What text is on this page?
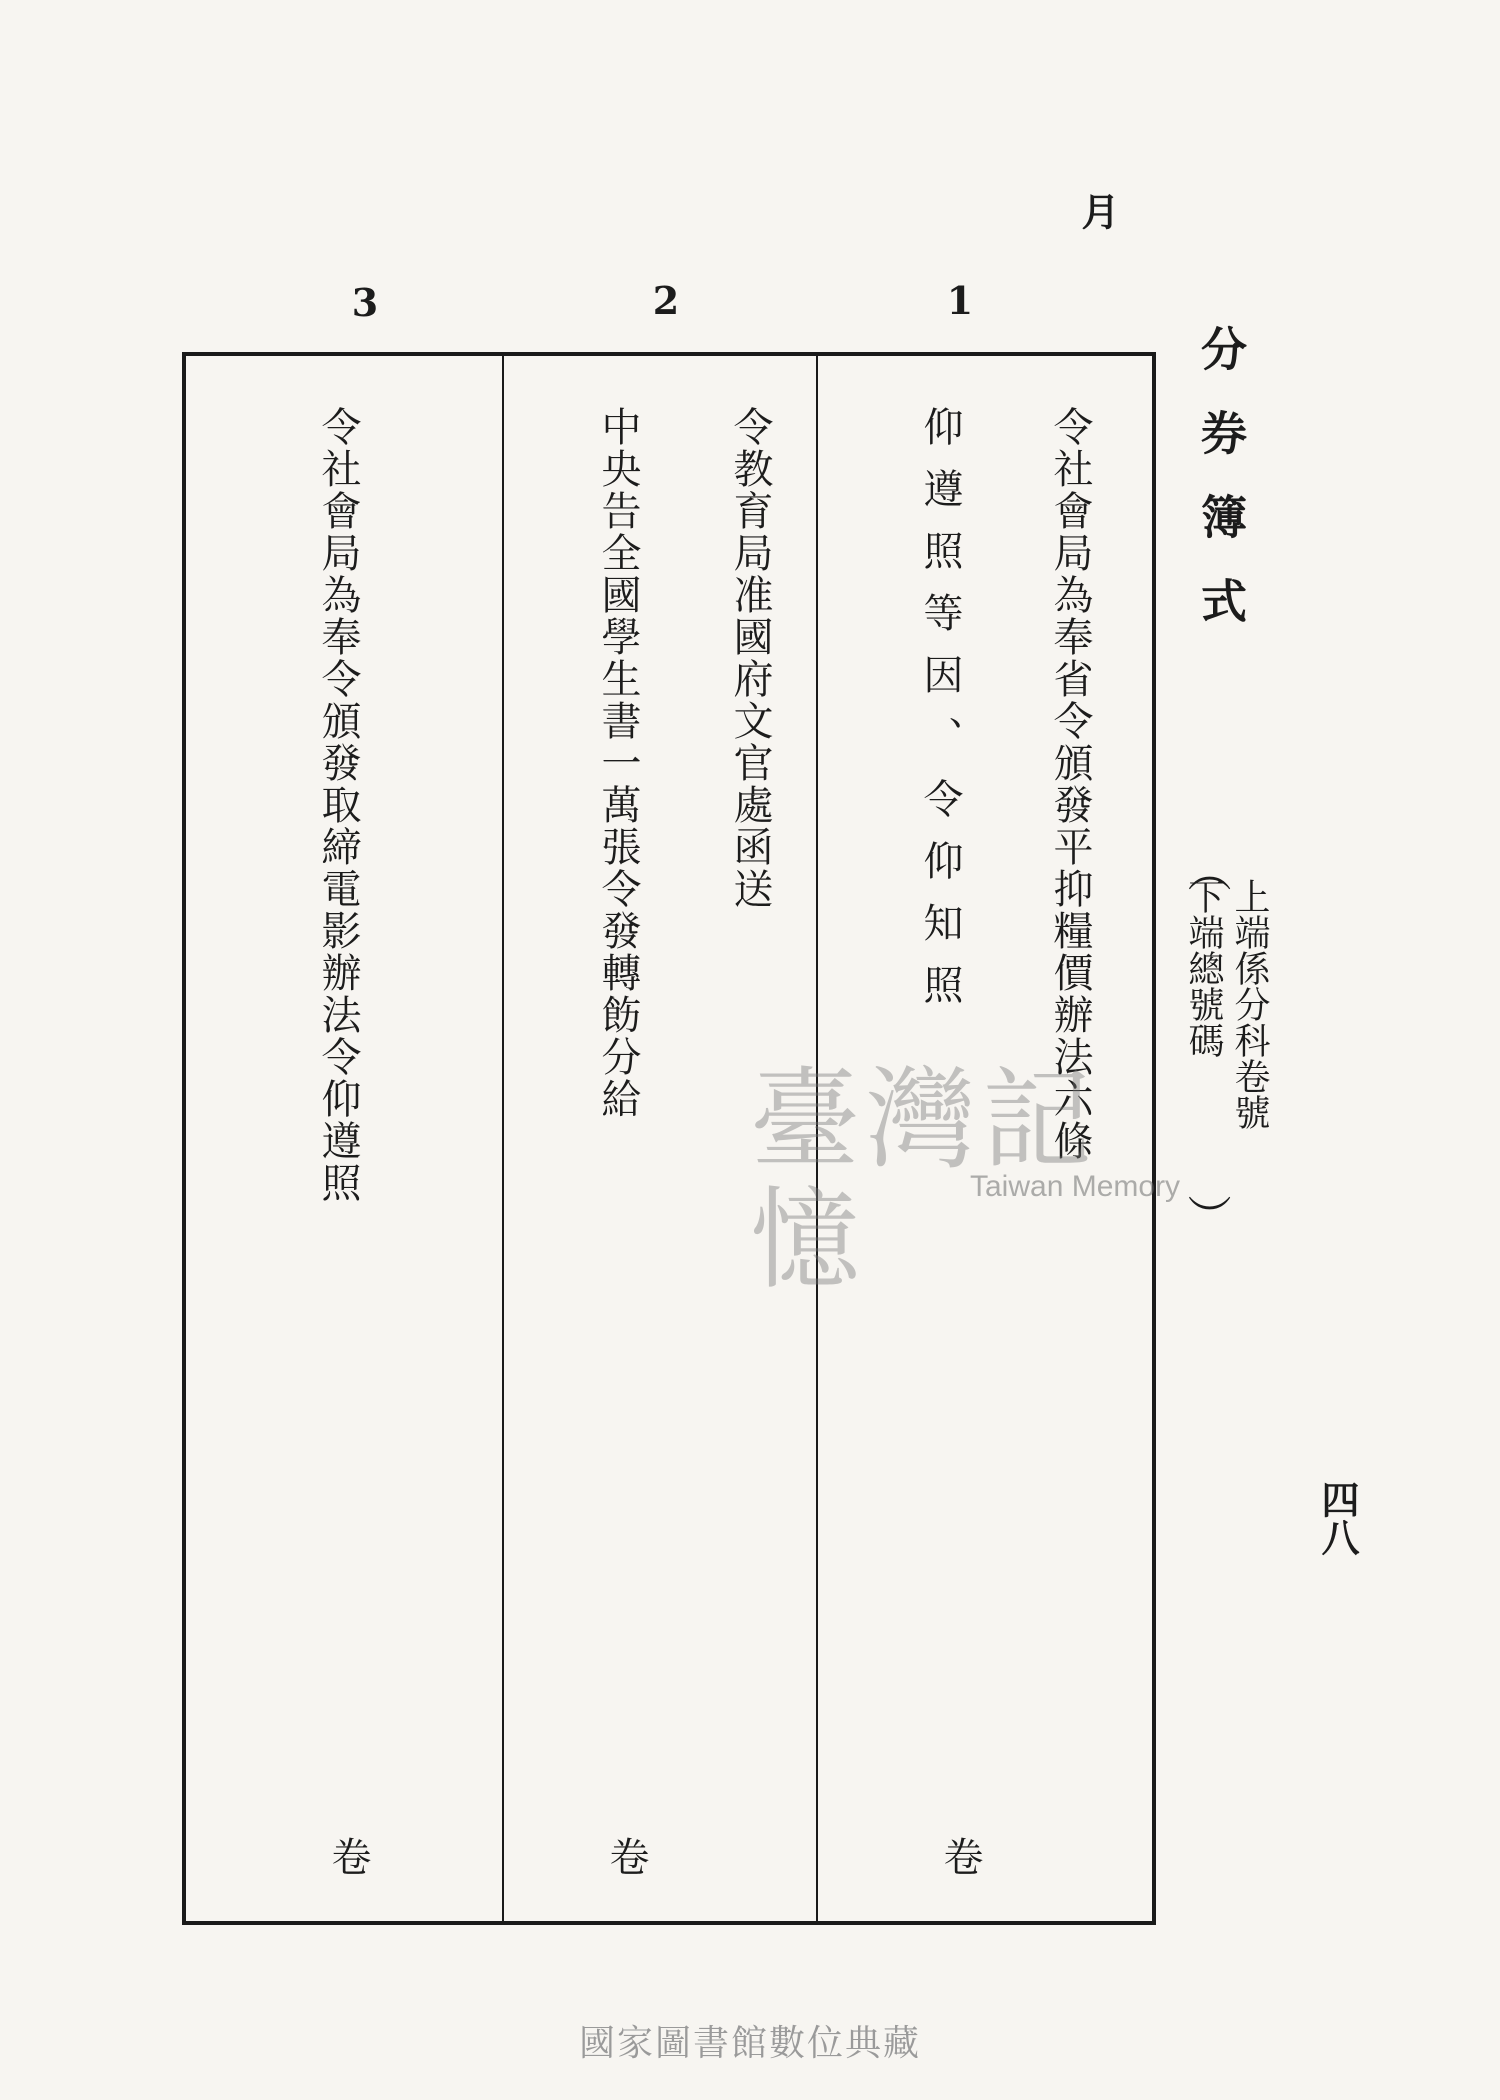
月
分券簿式
（
上端係分科卷號
下端總號碼
）
1
2
3
令社會局為奉省令頒發平抑糧價辦法六條
仰遵照等因、令仰知照
卷
令教育局准國府文官處函送
中央告全國學生書一萬張令發轉飭分給
卷
令社會局為奉令頒發取締電影辦法令仰遵照
卷
四八
臺灣記憶	Taiwan Memory
國家圖書館數位典藏
